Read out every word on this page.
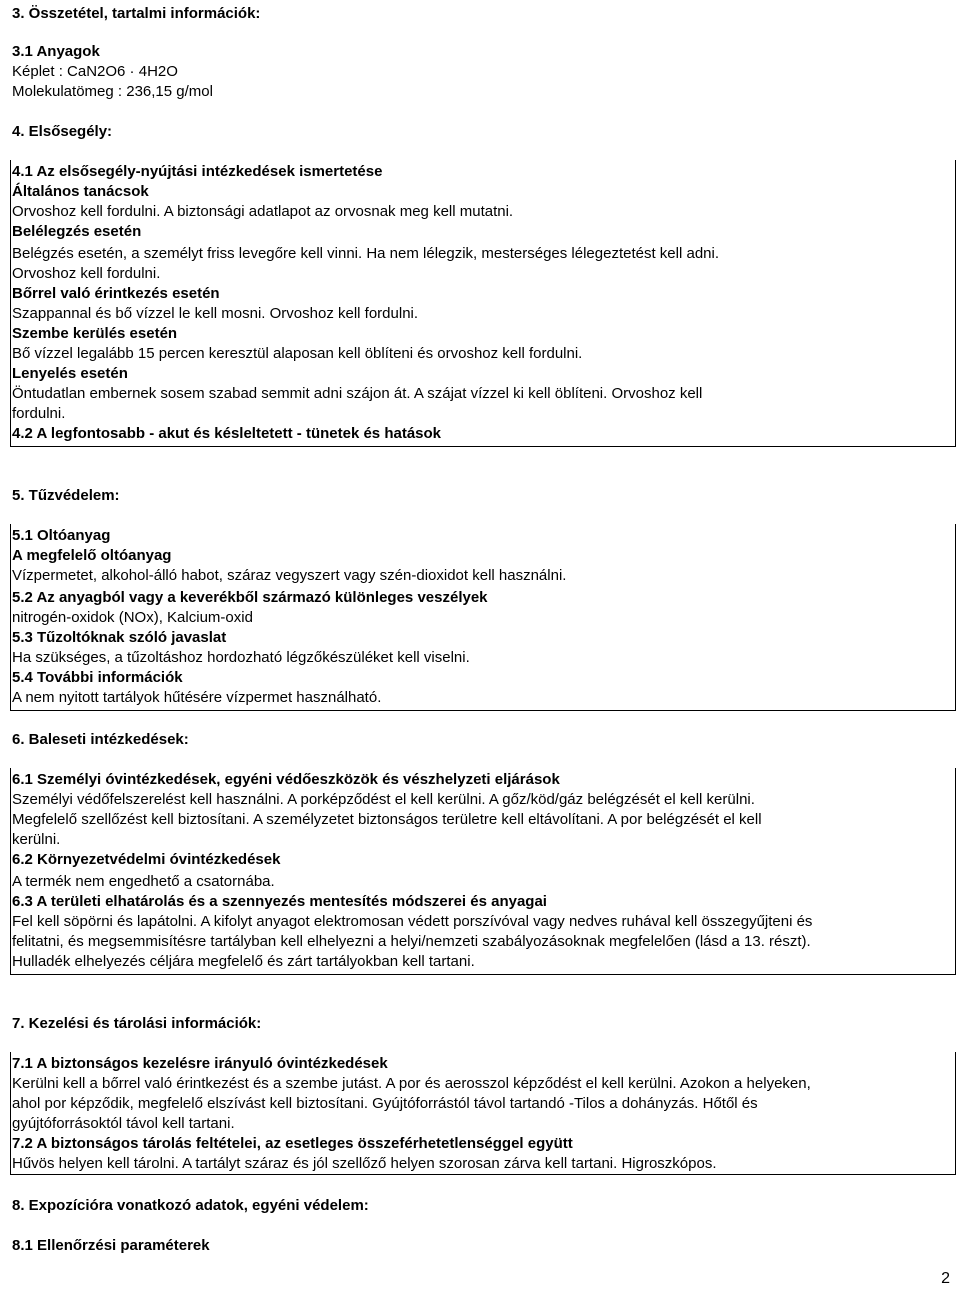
3. Összetétel, tartalmi információk:
3.1 Anyagok
Képlet : CaN2O6 · 4H2O
Molekulatömeg : 236,15 g/mol
4. Elsősegély:
4.1 Az elsősegély-nyújtási intézkedések ismertetése
Általános tanácsok
Orvoshoz kell fordulni. A biztonsági adatlapot az orvosnak meg kell mutatni.
Belélegzés esetén
Belégzés esetén, a személyt friss levegőre kell vinni. Ha nem lélegzik, mesterséges lélegeztetést kell adni.
Orvoshoz kell fordulni.
Bőrrel való érintkezés esetén
Szappannal és bő vízzel le kell mosni. Orvoshoz kell fordulni.
Szembe kerülés esetén
Bő vízzel legalább 15 percen keresztül alaposan kell öblíteni és orvoshoz kell fordulni.
Lenyelés esetén
Öntudatlan embernek sosem szabad semmit adni szájon át. A szájat vízzel ki kell öblíteni. Orvoshoz kell
fordulni.
4.2 A legfontosabb - akut és késleltetett - tünetek és hatások
5. Tűzvédelem:
5.1 Oltóanyag
A megfelelő oltóanyag
Vízpermetet, alkohol-álló habot, száraz vegyszert vagy szén-dioxidot kell használni.
5.2 Az anyagból vagy a keverékből származó különleges veszélyek
nitrogén-oxidok (NOx), Kalcium-oxid
5.3 Tűzoltóknak szóló javaslat
Ha szükséges, a tűzoltáshoz hordozható légzőkészüléket kell viselni.
5.4 További információk
A nem nyitott tartályok hűtésére vízpermet használható.
6. Baleseti intézkedések:
6.1 Személyi óvintézkedések, egyéni védőeszközök és vészhelyzeti eljárások
Személyi védőfelszerelést kell használni. A porképződést el kell kerülni. A gőz/köd/gáz belégzését el kell kerülni.
Megfelelő szellőzést kell biztosítani. A személyzetet biztonságos területre kell eltávolítani. A por belégzését el kell
kerülni.
6.2 Környezetvédelmi óvintézkedések
A termék nem engedhető a csatornába.
6.3 A területi elhatárolás és a szennyezés mentesítés módszerei és anyagai
Fel kell söpörni és lapátolni. A kifolyt anyagot elektromosan védett porszívóval vagy nedves ruhával kell összegyűjteni és
felitatni, és megsemmisítésre tartályban kell elhelyezni a helyi/nemzeti szabályozásoknak megfelelően (lásd a 13. részt).
Hulladék elhelyezés céljára megfelelő és zárt tartályokban kell tartani.
7. Kezelési és tárolási információk:
7.1 A biztonságos kezelésre irányuló óvintézkedések
Kerülni kell a bőrrel való érintkezést és a szembe jutást. A por és aerosszol képződést el kell kerülni. Azokon a helyeken,
ahol por képződik, megfelelő elszívást kell biztosítani. Gyújtóforrástól távol tartandó -Tilos a dohányzás. Hőtől és
gyújtóforrásoktól távol kell tartani.
7.2 A biztonságos tárolás feltételei, az esetleges összeférhetetlenséggel együtt
Hűvös helyen kell tárolni. A tartályt száraz és jól szellőző helyen szorosan zárva kell tartani. Higroszkópos.
8. Expozícióra vonatkozó adatok, egyéni védelem:
8.1 Ellenőrzési paraméterek
2
